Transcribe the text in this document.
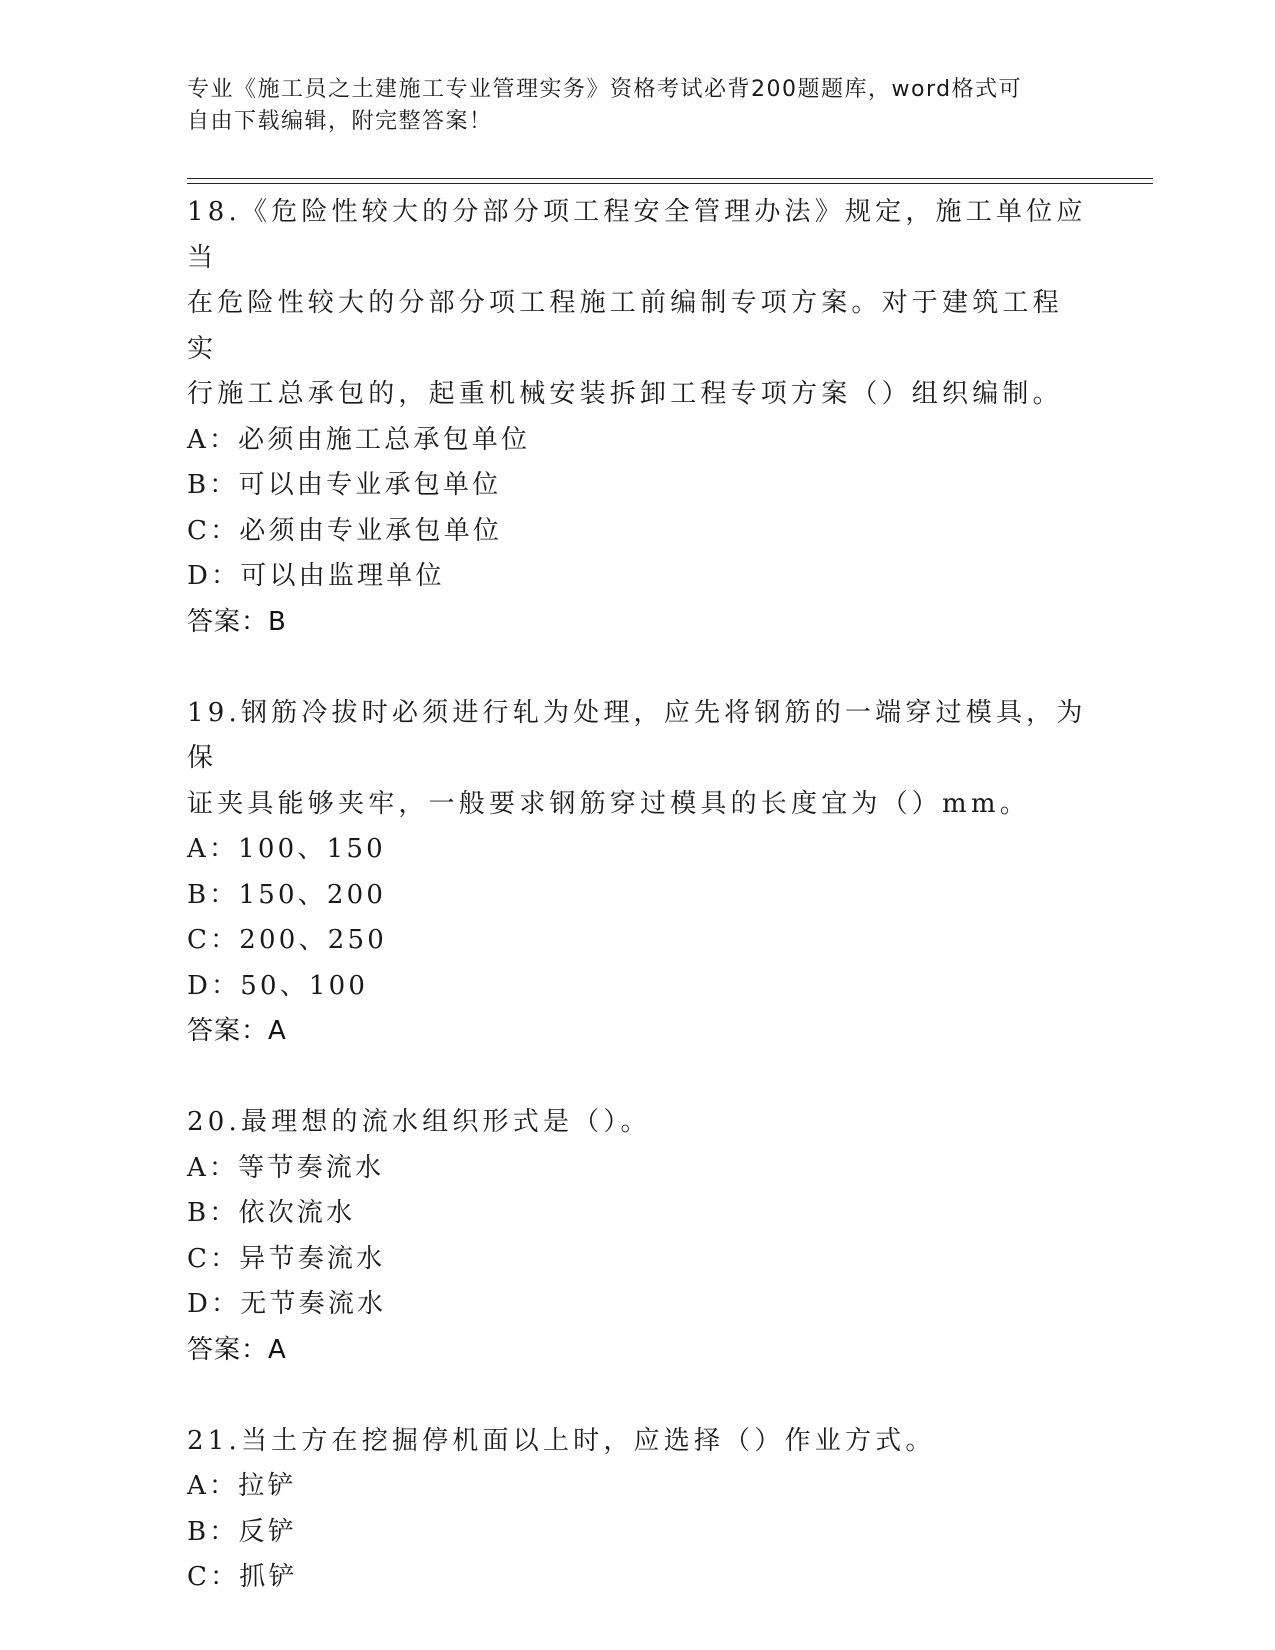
专业《施工员之土建施工专业管理实务》资格考试必背200题题库，word格式可
自由下载编辑，附完整答案！

18.《危险性较大的分部分项工程安全管理办法》规定，施工单位应当

在危险性较大的分部分项工程施工前编制专项方案。对于建筑工程实

行施工总承包的，起重机械安装拆卸工程专项方案（）组织编制。

A：必须由施工总承包单位

B：可以由专业承包单位

C：必须由专业承包单位

D：可以由监理单位

答案：B

19.钢筋冷拔时必须进行轧为处理，应先将钢筋的一端穿过模具，为保

证夹具能够夹牢，一般要求钢筋穿过模具的长度宜为（）mm。

A：100、150

B：150、200

C：200、250

D：50、100

答案：A

20.最理想的流水组织形式是（）。

A：等节奏流水

B：依次流水

C：异节奏流水

D：无节奏流水

答案：A

21.当土方在挖掘停机面以上时，应选择（）作业方式。

A：拉铲

B：反铲

C：抓铲
